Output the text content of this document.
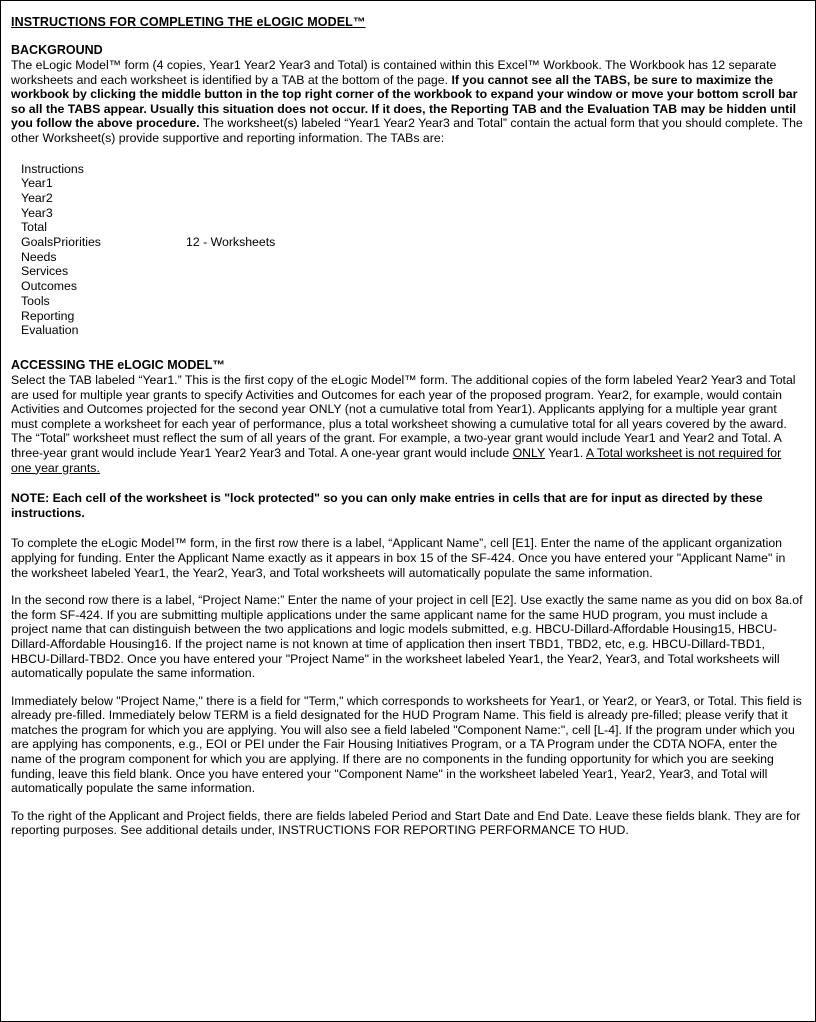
INSTRUCTIONS FOR COMPLETING THE eLOGIC MODEL™
BACKGROUND

The eLogic Model™ form (4 copies, Year1 Year2 Year3 and Total) is contained within this Excel™ Workbook. The Workbook has 12 separate worksheets and each worksheet is identified by a TAB at the bottom of the page. If you cannot see all the TABS, be sure to maximize the workbook by clicking the middle button in the top right corner of the workbook to expand your window or move your bottom scroll bar so all the TABS appear. Usually this situation does not occur. If it does, the Reporting TAB and the Evaluation TAB may be hidden until you follow the above procedure. The worksheet(s) labeled “Year1 Year2 Year3 and Total” contain the actual form that you should complete. The other Worksheet(s) provide supportive and reporting information. The TABs are:

Instructions
Year1
Year2
Year3
Total
GoalsPriorities	12 - Worksheets
Needs
Services
Outcomes
Tools
Reporting
Evaluation
ACCESSING THE eLOGIC MODEL™

Select the TAB labeled “Year1.” This is the first copy of the eLogic Model™ form. The additional copies of the form labeled Year2 Year3 and Total are used for multiple year grants to specify Activities and Outcomes for each year of the proposed program. Year2, for example, would contain Activities and Outcomes projected for the second year ONLY (not a cumulative total from Year1). Applicants applying for a multiple year grant must complete a worksheet for each year of performance, plus a total worksheet showing a cumulative total for all years covered by the award. The “Total” worksheet must reflect the sum of all years of the grant. For example, a two-year grant would include Year1 and Year2 and Total. A three-year grant would include Year1 Year2 Year3 and Total. A one-year grant would include ONLY Year1. A Total worksheet is not required for one year grants.

NOTE: Each cell of the worksheet is "lock protected" so you can only make entries in cells that are for input as directed by these instructions.

To complete the eLogic Model™ form, in the first row there is a label, “Applicant Name”, cell [E1]. Enter the name of the applicant organization applying for funding. Enter the Applicant Name exactly as it appears in box 15 of the SF-424. Once you have entered your "Applicant Name" in the worksheet labeled Year1, the Year2, Year3, and Total worksheets will automatically populate the same information.

In the second row there is a label, “Project Name:” Enter the name of your project in cell [E2]. Use exactly the same name as you did on box 8a.of the form SF-424. If you are submitting multiple applications under the same applicant name for the same HUD program, you must include a project name that can distinguish between the two applications and logic models submitted, e.g. HBCU-Dillard-Affordable Housing15, HBCU-Dillard-Affordable Housing16. If the project name is not known at time of application then insert TBD1, TBD2, etc, e.g. HBCU-Dillard-TBD1, HBCU-Dillard-TBD2. Once you have entered your "Project Name" in the worksheet labeled Year1, the Year2, Year3, and Total worksheets will automatically populate the same information.

Immediately below "Project Name," there is a field for "Term," which corresponds to worksheets for Year1, or Year2, or Year3, or Total. This field is already pre-filled. Immediately below TERM is a field designated for the HUD Program Name. This field is already pre-filled; please verify that it matches the program for which you are applying. You will also see a field labeled "Component Name:", cell [L-4]. If the program under which you are applying has components, e.g., EOI or PEI under the Fair Housing Initiatives Program, or a TA Program under the CDTA NOFA, enter the name of the program component for which you are applying. If there are no components in the funding opportunity for which you are seeking funding, leave this field blank. Once you have entered your "Component Name" in the worksheet labeled Year1, Year2, Year3, and Total will automatically populate the same information.

To the right of the Applicant and Project fields, there are fields labeled Period and Start Date and End Date. Leave these fields blank. They are for reporting purposes. See additional details under, INSTRUCTIONS FOR REPORTING PERFORMANCE TO HUD.
